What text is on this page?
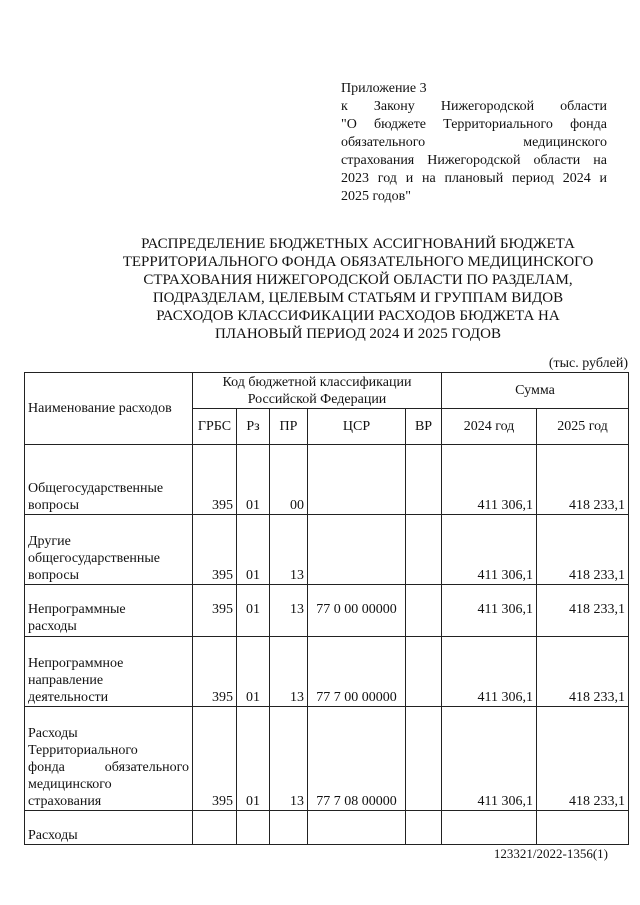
Приложение 3
к Закону Нижегородской области
"О бюджете Территориального фонда
обязательного медицинского
страхования Нижегородской области на
2023 год и на плановый период 2024 и
2025 годов"
РАСПРЕДЕЛЕНИЕ БЮДЖЕТНЫХ АССИГНОВАНИЙ БЮДЖЕТА
ТЕРРИТОРИАЛЬНОГО ФОНДА ОБЯЗАТЕЛЬНОГО МЕДИЦИНСКОГО
СТРАХОВАНИЯ НИЖЕГОРОДСКОЙ ОБЛАСТИ ПО РАЗДЕЛАМ,
ПОДРАЗДЕЛАМ, ЦЕЛЕВЫМ СТАТЬЯМ И ГРУППАМ ВИДОВ
РАСХОДОВ КЛАССИФИКАЦИИ РАСХОДОВ БЮДЖЕТА НА
ПЛАНОВЫЙ ПЕРИОД 2024 И 2025 ГОДОВ
(тыс. рублей)
Наименование расходов	Код бюджетной классификации
Российской Федерации					Сумма	
	ГРБС	Рз	ПР	ЦСР	ВР	2024 год	2025 год
Общегосударственные
вопросы	395	01	00			411 306,1	418 233,1
Другие
общегосударственные
вопросы	395	01	13			411 306,1	418 233,1
Непрограммные
расходы	395	01	13	77 0 00 00000		411 306,1	418 233,1
Непрограммное
направление
деятельности	395	01	13	77 7 00 00000		411 306,1	418 233,1
Расходы
Территориального

фонда обязательного
медицинского
страхования	395	01	13	77 7 08 00000		411 306,1	418 233,1
Расходы							
123321/2022-1356(1)
